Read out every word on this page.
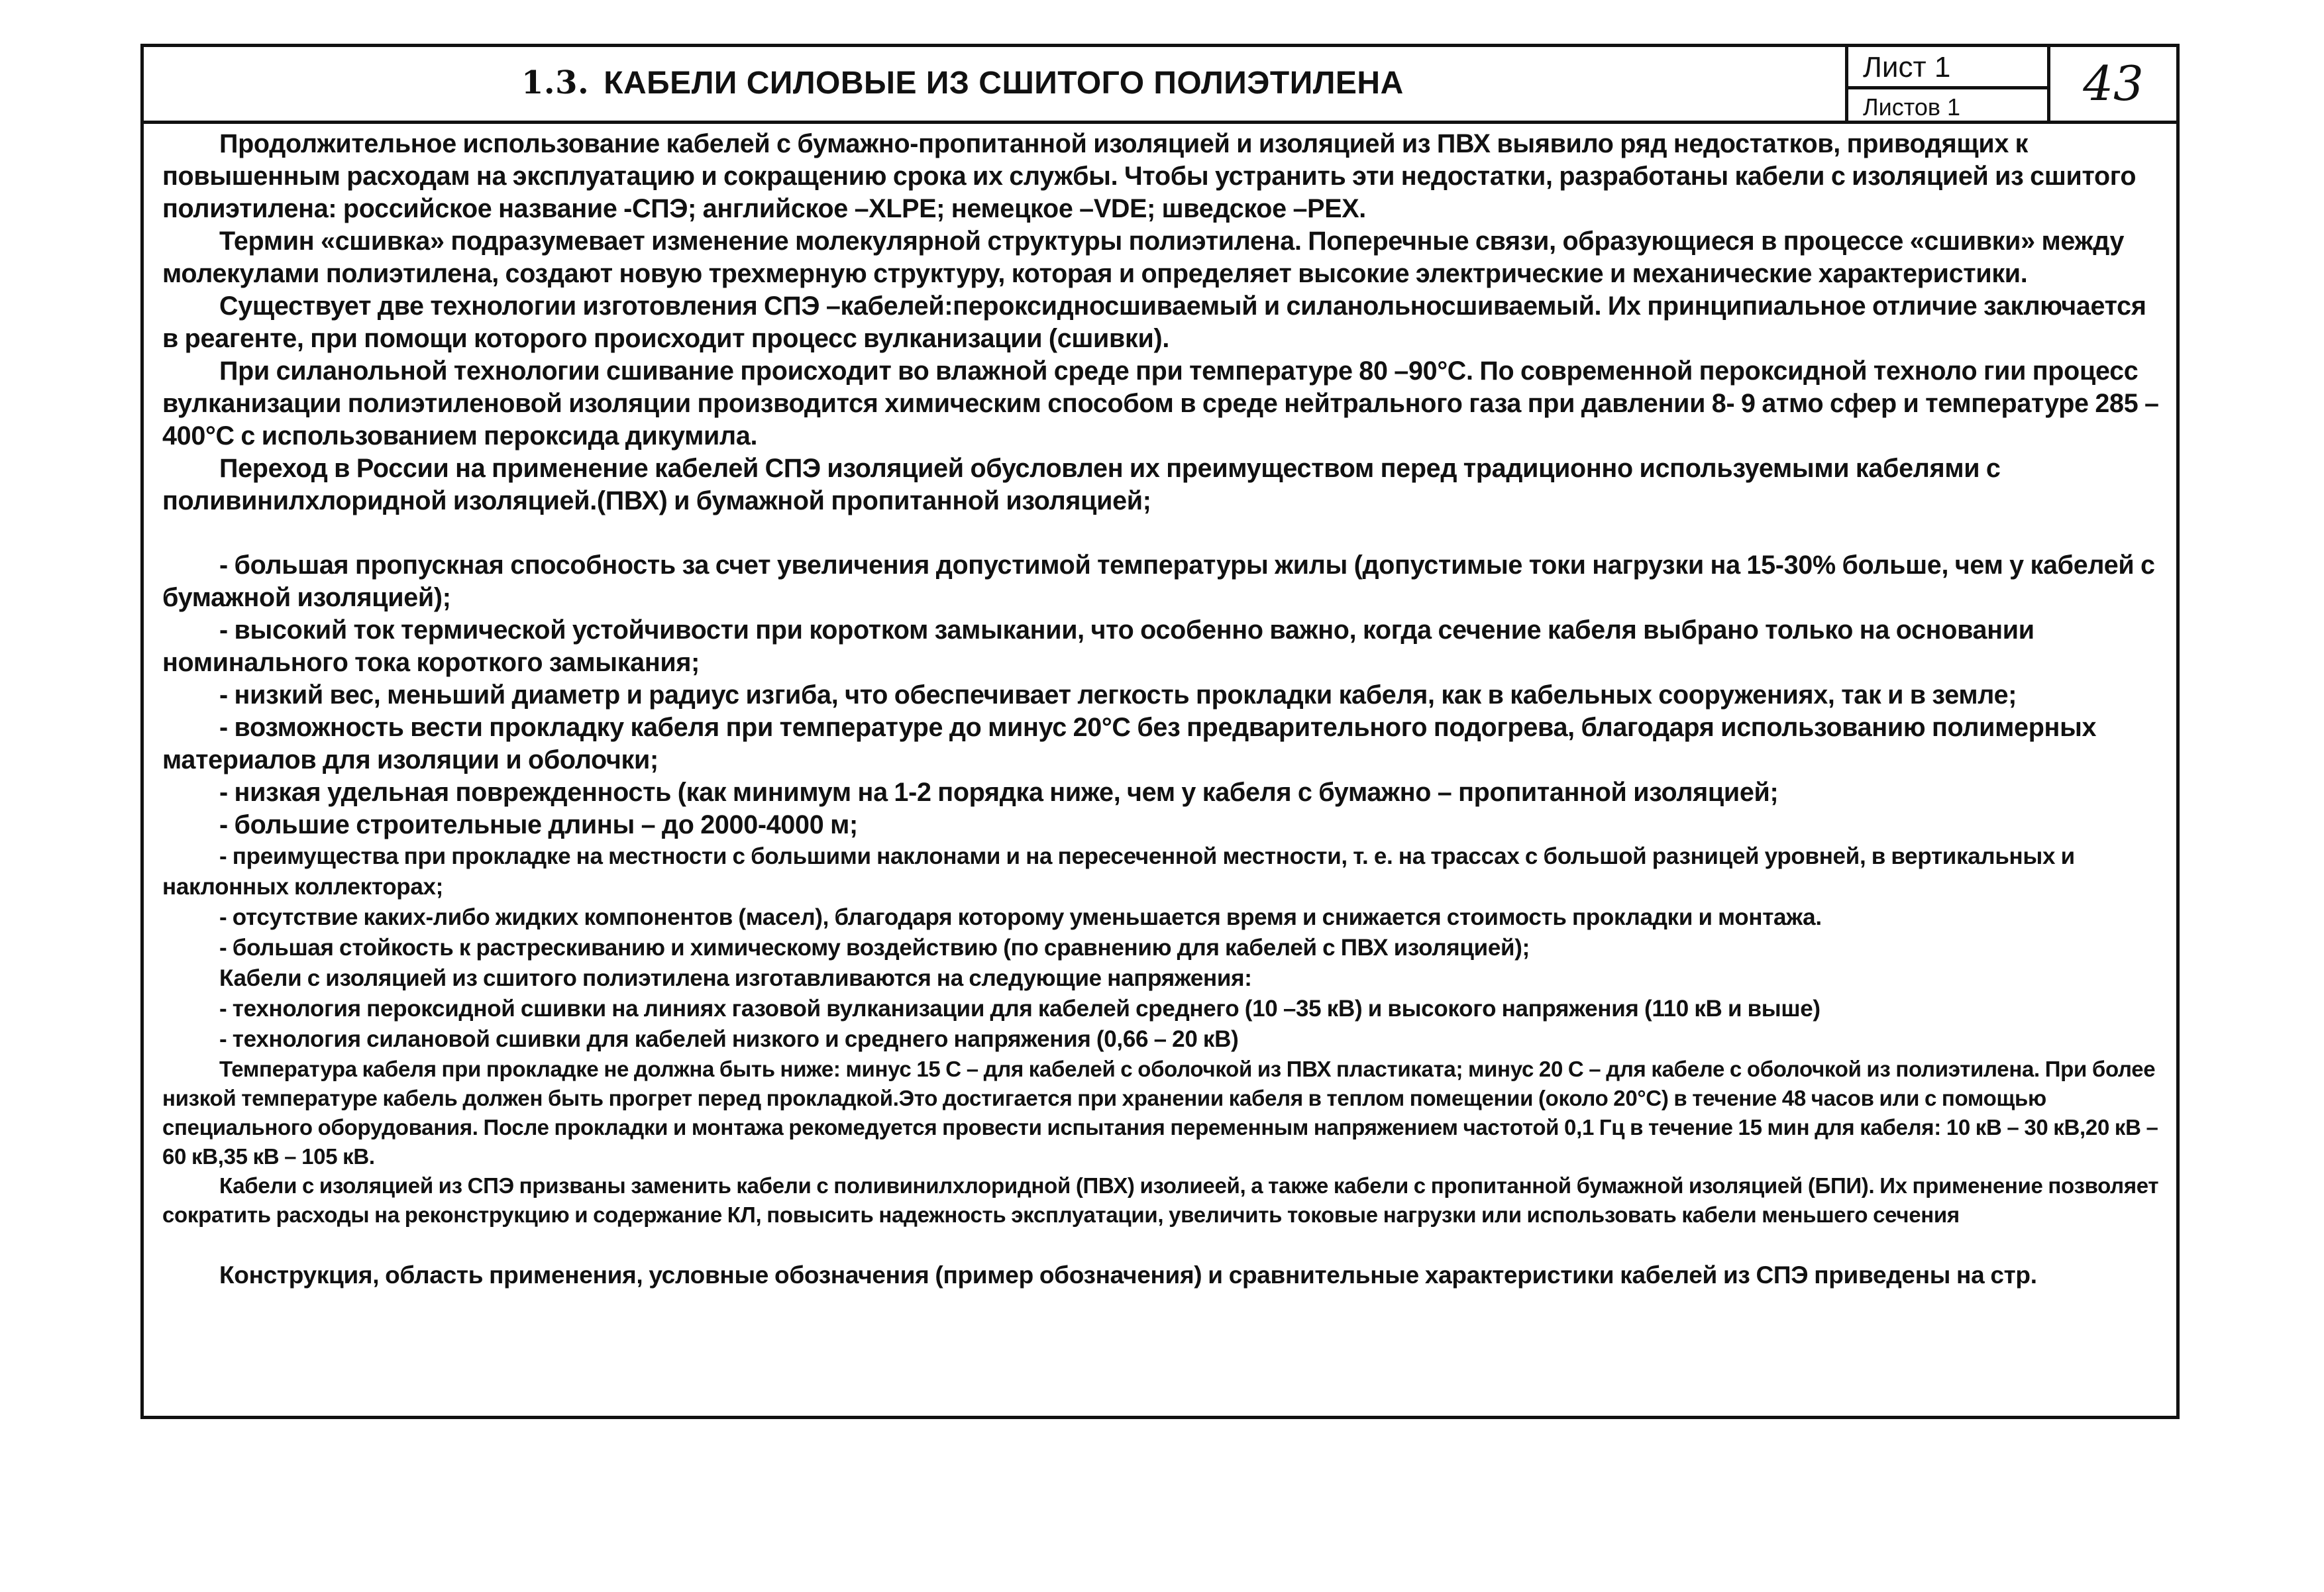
1.3. КАБЕЛИ СИЛОВЫЕ ИЗ СШИТОГО ПОЛИЭТИЛЕНА	Лист 1
Листов 1	43

Продолжительное использование кабелей с бумажно-пропитанной изоляцией и изоляцией из ПВХ выявило ряд недостатков, приводящих к повышенным расходам на эксплуатацию и сокращению срока их службы. Чтобы устранить эти недостатки, разработаны кабели с изоляцией из сшитого полиэтилена: российское название -СПЭ; английское –XLPE; немецкое –VDE; шведское –PEX.

Термин «сшивка» подразумевает изменение молекулярной структуры полиэтилена. Поперечные связи, образующиеся в процессе «сшивки» между молекулами полиэтилена, создают новую трехмерную структуру, которая и определяет высокие электрические и механические характеристики.

Существует две технологии изготовления СПЭ –кабелей:пероксидносшиваемый и силанольносшиваемый. Их принципиальное отличие заключается в реагенте, при помощи которого происходит процесс вулканизации (сшивки).

При силанольной технологии сшивание происходит во влажной среде при температуре 80 –90°С. По современной пероксидной техноло гии процесс вулканизации полиэтиленовой изоляции производится химическим способом в среде нейтрального газа при давлении 8- 9 атмо сфер и температуре 285 –400°С с использованием пероксида дикумила.

Переход в России на применение кабелей СПЭ изоляцией обусловлен их преимуществом перед традиционно используемыми кабелями с поливинилхлоридной изоляцией.(ПВХ) и бумажной пропитанной изоляцией;

- большая пропускная способность за счет увеличения допустимой температуры жилы (допустимые токи нагрузки на 15-30% больше, чем у кабелей с бумажной изоляцией);

- высокий ток термической устойчивости при коротком замыкании, что особенно важно, когда сечение кабеля выбрано только на основании номинального тока короткого замыкания;

- низкий вес, меньший диаметр и радиус изгиба, что обеспечивает легкость прокладки кабеля, как в кабельных сооружениях, так и в земле;

- возможность вести прокладку кабеля при температуре до минус 20°С без предварительного подогрева, благодаря использованию полимерных материалов для изоляции и оболочки;

- низкая удельная поврежденность (как минимум на 1-2 порядка ниже, чем у кабеля с бумажно – пропитанной изоляцией;

- большие строительные длины – до 2000-4000 м;

- преимущества при прокладке на местности с большими наклонами и на пересеченной местности, т. е. на трассах с большой разницей уровней, в вертикальных и наклонных коллекторах;

- отсутствие каких-либо жидких компонентов (масел), благодаря которому уменьшается время и снижается стоимость прокладки и монтажа.

- большая стойкость к растрескиванию и химическому воздействию (по сравнению для кабелей с ПВХ изоляцией);

Кабели с изоляцией из сшитого полиэтилена изготавливаются на следующие напряжения:

- технология пероксидной сшивки на линиях газовой вулканизации для кабелей среднего (10 –35 кВ) и высокого напряжения (110 кВ и выше)

- технология силановой сшивки для кабелей низкого и среднего напряжения (0,66 – 20 кВ)

Температура кабеля при прокладке не должна быть ниже: минус 15 С – для кабелей с оболочкой из ПВХ пластиката; минус 20 С – для кабеле с оболочкой из полиэтилена. При более низкой температуре кабель должен быть прогрет перед прокладкой.Это достигается при хранении кабеля в теплом помещении (около 20°С) в течение 48 часов или с помощью специального оборудования. После прокладки и монтажа рекомедуется провести испытания переменным напряжением частотой 0,1 Гц в течение 15 мин для кабеля: 10 кВ – 30 кВ,20 кВ – 60 кВ,35 кВ – 105 кВ.

Кабели с изоляцией из СПЭ призваны заменить кабели с поливинилхлоридной (ПВХ) изолиеей, а также кабели с пропитанной бумажной изоляцией (БПИ). Их применение позволяет сократить расходы на реконструкцию и содержание КЛ, повысить надежность эксплуатации, увеличить токовые нагрузки или использовать кабели меньшего сечения

Конструкция, область применения, условные обозначения (пример обозначения) и сравнительные характеристики кабелей из СПЭ приведены на стр.
